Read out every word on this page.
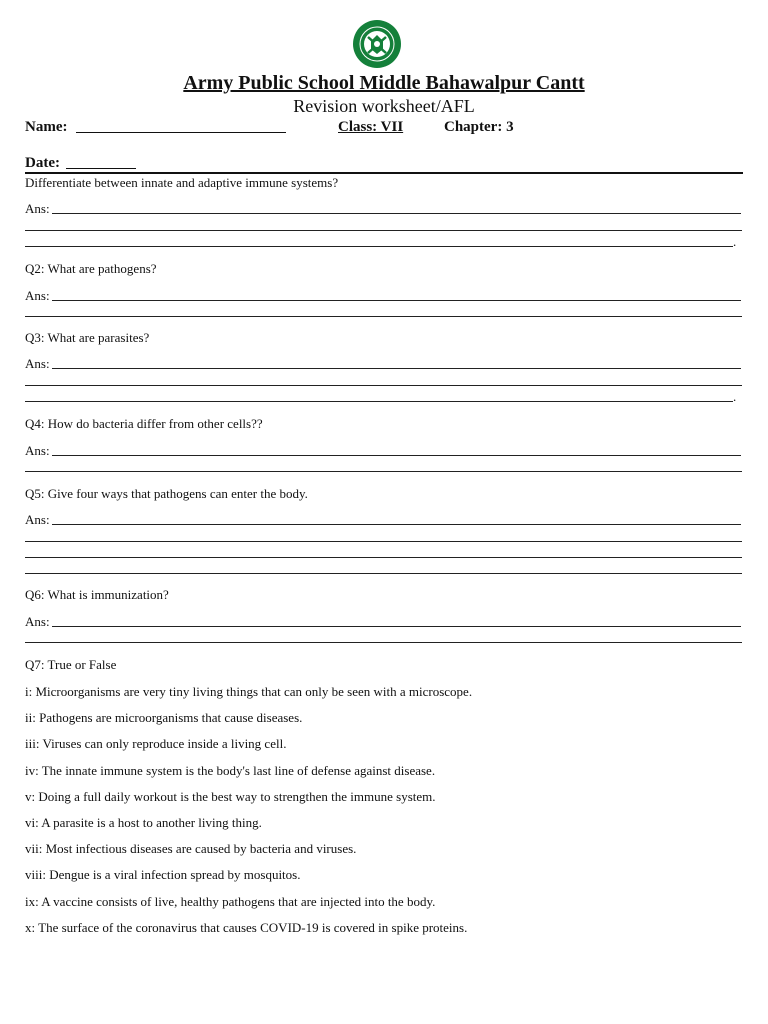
Army Public School Middle Bahawalpur Cantt
Revision worksheet/AFL
Name:	Class: VII	Chapter: 3
Date:
Differentiate between innate and adaptive immune systems?
Ans:
.
Q2: What are pathogens?
Ans:
Q3: What are parasites?
Ans:
.
Q4: How do bacteria differ from other cells??
Ans:
Q5: Give four ways that pathogens can enter the body.
Ans:
Q6: What is immunization?
Ans:
Q7: True or False
i: Microorganisms are very tiny living things that can only be seen with a microscope.
ii: Pathogens are microorganisms that cause diseases.
iii: Viruses can only reproduce inside a living cell.
iv: The innate immune system is the body's last line of defense against disease.
v: Doing a full daily workout is the best way to strengthen the immune system.
vi: A parasite is a host to another living thing.
vii: Most infectious diseases are caused by bacteria and viruses.
viii: Dengue is a viral infection spread by mosquitos.
ix: A vaccine consists of live, healthy pathogens that are injected into the body.
x: The surface of the coronavirus that causes COVID-19 is covered in spike proteins.
